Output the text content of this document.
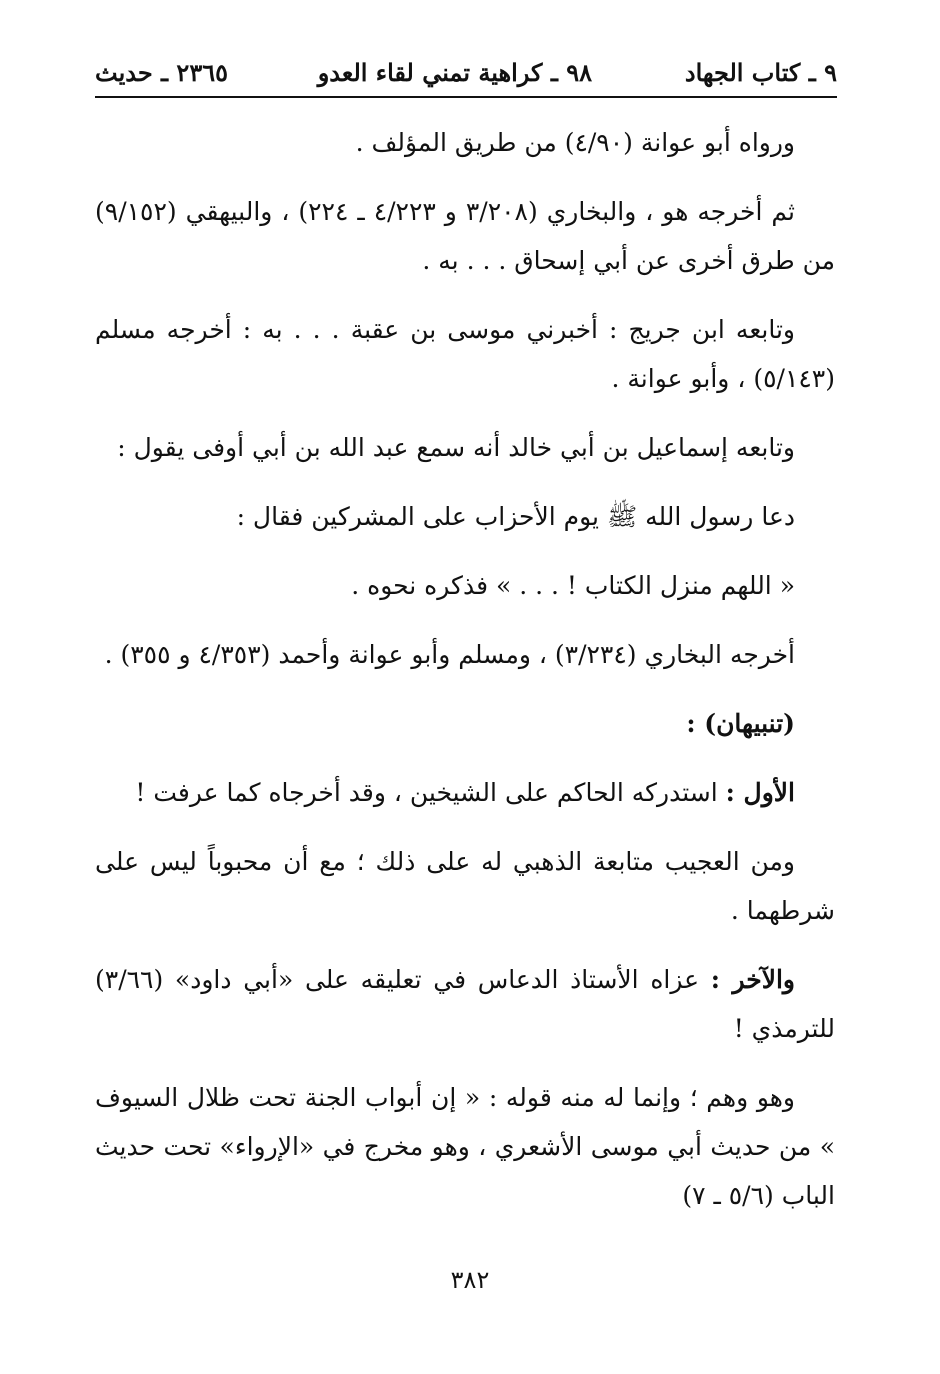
٩ ـ كتاب الجهاد
٩٨ ـ كراهية تمني لقاء العدو
٢٣٦٥ ـ حديث

ورواه أبو عوانة (٤/٩٠) من طريق المؤلف .

ثم أخرجه هو ، والبخاري (٣/٢٠٨ و ٤/٢٢٣ ـ ٢٢٤) ، والبيهقي (٩/١٥٢) من طرق أخرى عن أبي إسحاق . . . به .

وتابعه ابن جريج : أخبرني موسى بن عقبة . . . به : أخرجه مسلم (٥/١٤٣) ، وأبو عوانة .

وتابعه إسماعيل بن أبي خالد أنه سمع عبد الله بن أبي أوفى يقول :

دعا رسول الله ﷺ يوم الأحزاب على المشركين فقال :

« اللهم منزل الكتاب ! . . . » فذكره نحوه .

أخرجه البخاري (٣/٢٣٤) ، ومسلم وأبو عوانة وأحمد (٤/٣٥٣ و ٣٥٥) .

(تنبيهان) :

الأول : استدركه الحاكم على الشيخين ، وقد أخرجاه كما عرفت !

ومن العجيب متابعة الذهبي له على ذلك ؛ مع أن محبوباً ليس على شرطهما .

والآخر : عزاه الأستاذ الدعاس في تعليقه على «أبي داود» (٣/٦٦) للترمذي !

وهو وهم ؛ وإنما له منه قوله : « إن أبواب الجنة تحت ظلال السيوف » من حديث أبي موسى الأشعري ، وهو مخرج في «الإرواء» تحت حديث الباب (٥/٦ ـ ٧)

٣٨٢
